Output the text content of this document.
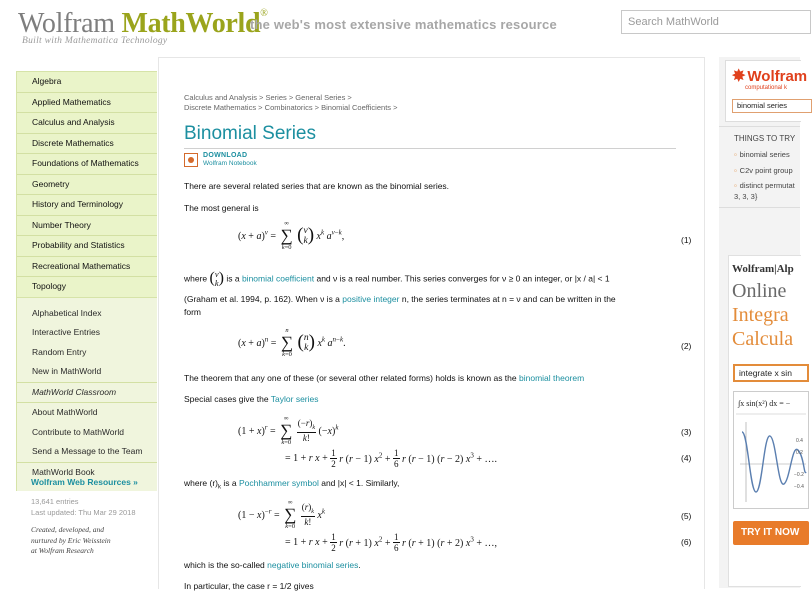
Wolfram MathWorld®
the web's most extensive mathematics resource
Built with Mathematica Technology
Search MathWorld
Algebra
Applied Mathematics
Calculus and Analysis
Discrete Mathematics
Foundations of Mathematics
Geometry
History and Terminology
Number Theory
Probability and Statistics
Recreational Mathematics
Topology
Alphabetical Index
Interactive Entries
Random Entry
New in MathWorld
MathWorld Classroom
About MathWorld
Contribute to MathWorld
Send a Message to the Team
MathWorld Book
Wolfram Web Resources »
13,641 entries
Last updated: Thu Mar 29 2018
Created, developed, and
nurtured by Eric Weisstein
at Wolfram Research
Calculus and Analysis > Series > General Series >
Discrete Mathematics > Combinatorics > Binomial Coefficients >
Binomial Series
DOWNLOAD
Wolfram Notebook
There are several related series that are known as the binomial series.
The most general is
$(x + a)^\nu$ =
∞
∑
k=0
(ν
k) $x^k$ $a^{\nu-k}$,	(1)
where (ν
k) is a binomial coefficient and ν is a real number. This series converges for ν ≥ 0 an integer, or |x / a| < 1
(Graham et al. 1994, p. 162). When ν is a positive integer n, the series terminates at n = ν and can be written in the
form
$(x + a)^n$ =
n
∑
k=0
(n
k) $x^k$ $a^{n-k}$.	(2)
The theorem that any one of these (or several other related forms) holds is known as the binomial theorem
Special cases give the Taylor series
$(1 + x)^r$ =
∞
∑
k=0
$\frac{(-r)_k}{k!} (-x)^k$	(3)
= 1 + r $x + \frac{1}{2}$ r (r − 1) $x^2 + \frac{1}{6}$ r (r − 1) (r − 2) $x^3$ + ….	(4)
where $(r)_k$ is a Pochhammer symbol and |x| < 1. Similarly,
$(1 - x)^{-r}$ =
∞
∑
k=0
$\frac{(r)_k}{k!} x^k$	(5)
= 1 + r $x + \frac{1}{2}$ r (r + 1) $x^2 + \frac{1}{6}$ r (r + 1) (r + 2) $x^3$ + …,	(6)
which is the so-called negative binomial series.
In particular, the case r = 1/2 gives
✸ Wolfram
computational k
binomial series
THINGS TO TRY
▫ binomial series
▫ C2v point group
▫ distinct permutat
3, 3, 3}
Wolfram|Alp
Online
Integra
Calcula
integrate x sin
∫x sin(x²) dx = −
0.4
0.2
−0.2
−0.4
TRY IT NOW
